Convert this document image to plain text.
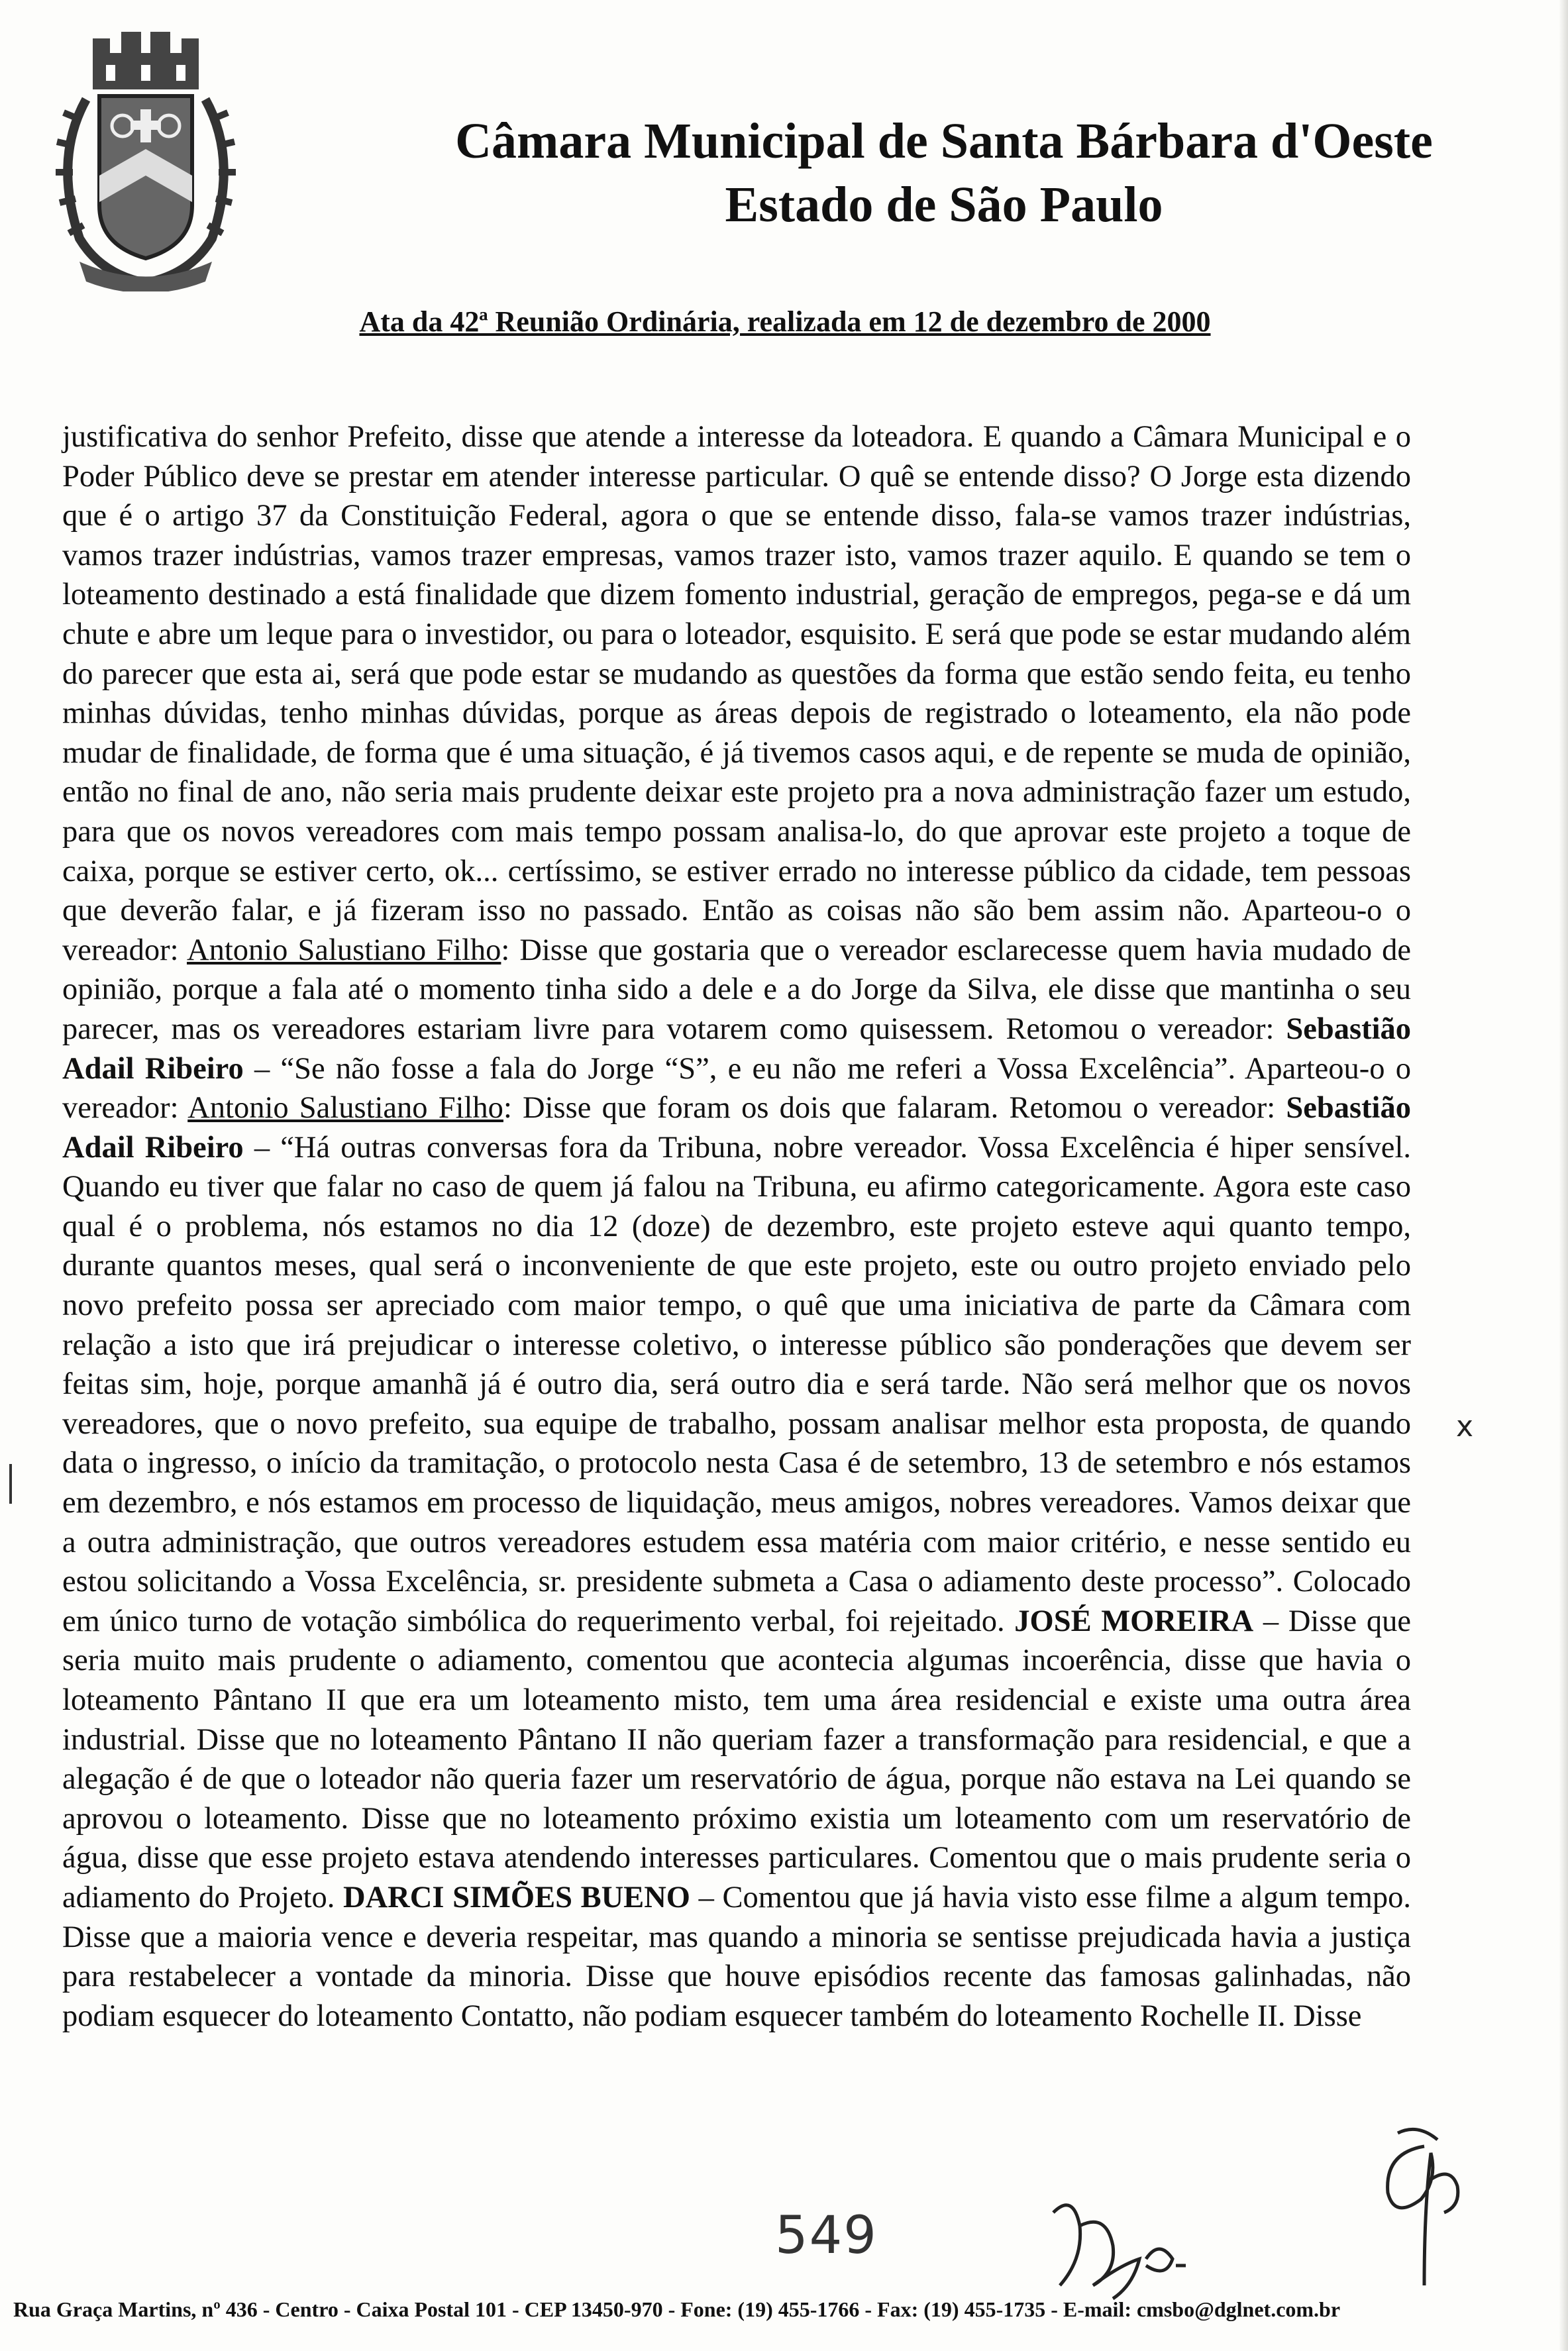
Câmara Municipal de Santa Bárbara d'Oeste
Estado de São Paulo
Ata da 42ª Reunião Ordinária, realizada em 12 de dezembro de 2000

justificativa do senhor Prefeito, disse que atende a interesse da loteadora. E quando a Câmara Municipal e o Poder Público deve se prestar em atender interesse particular. O quê se entende disso? O Jorge esta dizendo que é o artigo 37 da Constituição Federal, agora o que se entende disso, fala-se vamos trazer indústrias, vamos trazer indústrias, vamos trazer empresas, vamos trazer isto, vamos trazer aquilo. E quando se tem o loteamento destinado a está finalidade que dizem fomento industrial, geração de empregos, pega-se e dá um chute e abre um leque para o investidor, ou para o loteador, esquisito. E será que pode se estar mudando além do parecer que esta ai, será que pode estar se mudando as questões da forma que estão sendo feita, eu tenho minhas dúvidas, tenho minhas dúvidas, porque as áreas depois de registrado o loteamento, ela não pode mudar de finalidade, de forma que é uma situação, é já tivemos casos aqui, e de repente se muda de opinião, então no final de ano, não seria mais prudente deixar este projeto pra a nova administração fazer um estudo, para que os novos vereadores com mais tempo possam analisa-lo, do que aprovar este projeto a toque de caixa, porque se estiver certo, ok... certíssimo, se estiver errado no interesse público da cidade, tem pessoas que deverão falar, e já fizeram isso no passado. Então as coisas não são bem assim não. Aparteou-o o vereador: Antonio Salustiano Filho: Disse que gostaria que o vereador esclarecesse quem havia mudado de opinião, porque a fala até o momento tinha sido a dele e a do Jorge da Silva, ele disse que mantinha o seu parecer, mas os vereadores estariam livre para votarem como quisessem. Retomou o vereador: Sebastião Adail Ribeiro – “Se não fosse a fala do Jorge “S”, e eu não me referi a Vossa Excelência”. Aparteou-o o vereador: Antonio Salustiano Filho: Disse que foram os dois que falaram. Retomou o vereador: Sebastião Adail Ribeiro – “Há outras conversas fora da Tribuna, nobre vereador. Vossa Excelência é hiper sensível. Quando eu tiver que falar no caso de quem já falou na Tribuna, eu afirmo categoricamente. Agora este caso qual é o problema, nós estamos no dia 12 (doze) de dezembro, este projeto esteve aqui quanto tempo, durante quantos meses, qual será o inconveniente de que este projeto, este ou outro projeto enviado pelo novo prefeito possa ser apreciado com maior tempo, o quê que uma iniciativa de parte da Câmara com relação a isto que irá prejudicar o interesse coletivo, o interesse público são ponderações que devem ser feitas sim, hoje, porque amanhã já é outro dia, será outro dia e será tarde. Não será melhor que os novos vereadores, que o novo prefeito, sua equipe de trabalho, possam analisar melhor esta proposta, de quando data o ingresso, o início da tramitação, o protocolo nesta Casa é de setembro, 13 de setembro e nós estamos em dezembro, e nós estamos em processo de liquidação, meus amigos, nobres vereadores. Vamos deixar que a outra administração, que outros vereadores estudem essa matéria com maior critério, e nesse sentido eu estou solicitando a Vossa Excelência, sr. presidente submeta a Casa o adiamento deste processo”. Colocado em único turno de votação simbólica do requerimento verbal, foi rejeitado. JOSÉ MOREIRA – Disse que seria muito mais prudente o adiamento, comentou que acontecia algumas incoerência, disse que havia o loteamento Pântano II que era um loteamento misto, tem uma área residencial e existe uma outra área industrial. Disse que no loteamento Pântano II não queriam fazer a transformação para residencial, e que a alegação é de que o loteador não queria fazer um reservatório de água, porque não estava na Lei quando se aprovou o loteamento. Disse que no loteamento próximo existia um loteamento com um reservatório de água, disse que esse projeto estava atendendo interesses particulares. Comentou que o mais prudente seria o adiamento do Projeto. DARCI SIMÕES BUENO – Comentou que já havia visto esse filme a algum tempo. Disse que a maioria vence e deveria respeitar, mas quando a minoria se sentisse prejudicada havia a justiça para restabelecer a vontade da minoria. Disse que houve episódios recente das famosas galinhadas, não podiam esquecer do loteamento Contatto, não podiam esquecer também do loteamento Rochelle II. Disse

x
549
Rua Graça Martins, nº 436 - Centro - Caixa Postal 101 - CEP 13450-970 - Fone: (19) 455-1766 - Fax: (19) 455-1735 - E-mail: cmsbo@dglnet.com.br
